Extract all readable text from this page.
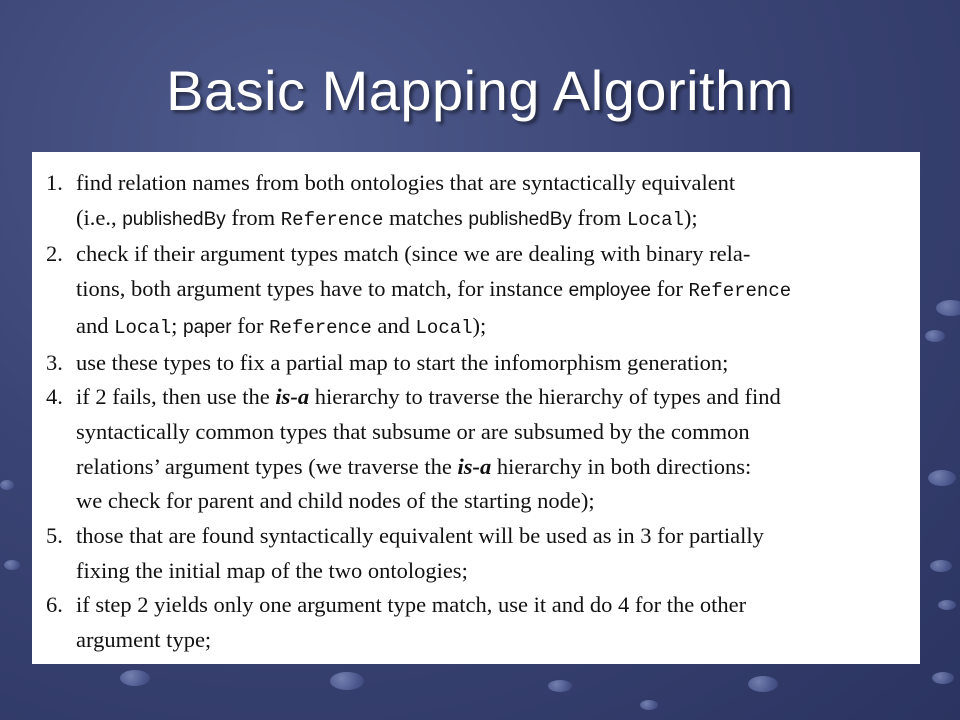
Basic Mapping Algorithm
1. find relation names from both ontologies that are syntactically equivalent
(i.e., publishedBy from Reference matches publishedBy from Local);
2. check if their argument types match (since we are dealing with binary rela-
tions, both argument types have to match, for instance employee for Reference
and Local; paper for Reference and Local);
3. use these types to fix a partial map to start the infomorphism generation;
4. if 2 fails, then use the is-a hierarchy to traverse the hierarchy of types and find
syntactically common types that subsume or are subsumed by the common
relations’ argument types (we traverse the is-a hierarchy in both directions:
we check for parent and child nodes of the starting node);
5. those that are found syntactically equivalent will be used as in 3 for partially
fixing the initial map of the two ontologies;
6. if step 2 yields only one argument type match, use it and do 4 for the other
argument type;
